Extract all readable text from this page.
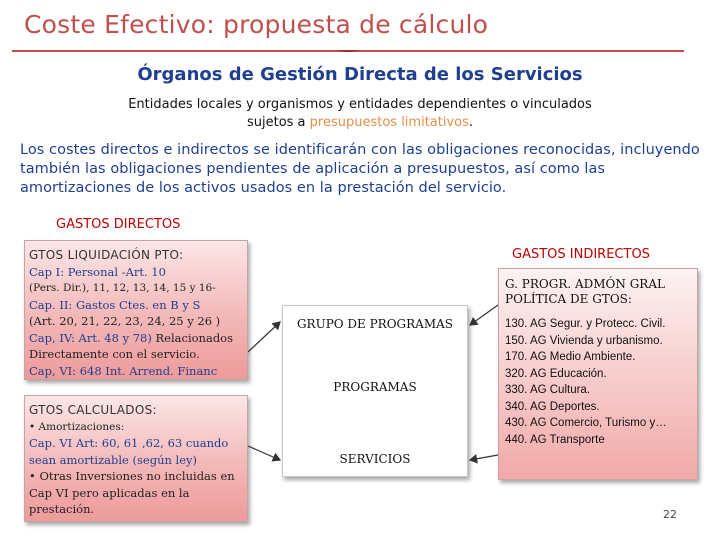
Coste Efectivo: propuesta de cálculo
Órganos de Gestión Directa de los Servicios
Entidades locales y organismos y entidades dependientes o vinculados
sujetos a presupuestos limitativos.
Los costes directos e indirectos se identificarán con las obligaciones reconocidas, incluyendo también las obligaciones pendientes de aplicación a presupuestos, así como las amortizaciones de los activos usados en la prestación del servicio.
GASTOS DIRECTOS
GASTOS INDIRECTOS
GTOS LIQUIDACIÓN PTO:
Cap I: Personal -Art. 10
(Pers. Dir.), 11, 12, 13, 14, 15 y 16-
Cap. II: Gastos Ctes. en B y S
(Art. 20, 21, 22, 23, 24, 25 y 26 )
Cap, IV: Art. 48 y 78) Relacionados Directamente con el servicio.
Cap, VI: 648 Int. Arrend. Financ
GTOS CALCULADOS:
• Amortizaciones:
Cap. VI Art: 60, 61 ,62, 63 cuando sean amortizable (según ley)
• Otras Inversiones no incluidas en Cap VI pero aplicadas en la prestación.
GRUPO DE PROGRAMAS
PROGRAMAS
SERVICIOS
G. PROGR. ADMÓN GRAL POLÍTICA DE GTOS:
130. AG Segur. y Protecc. Civil.
150. AG Vivienda y urbanismo.
170. AG Medio Ambiente.
320. AG Educación.
330. AG Cultura.
340. AG Deportes.
430. AG Comercio, Turismo y…
440. AG Transporte
22
